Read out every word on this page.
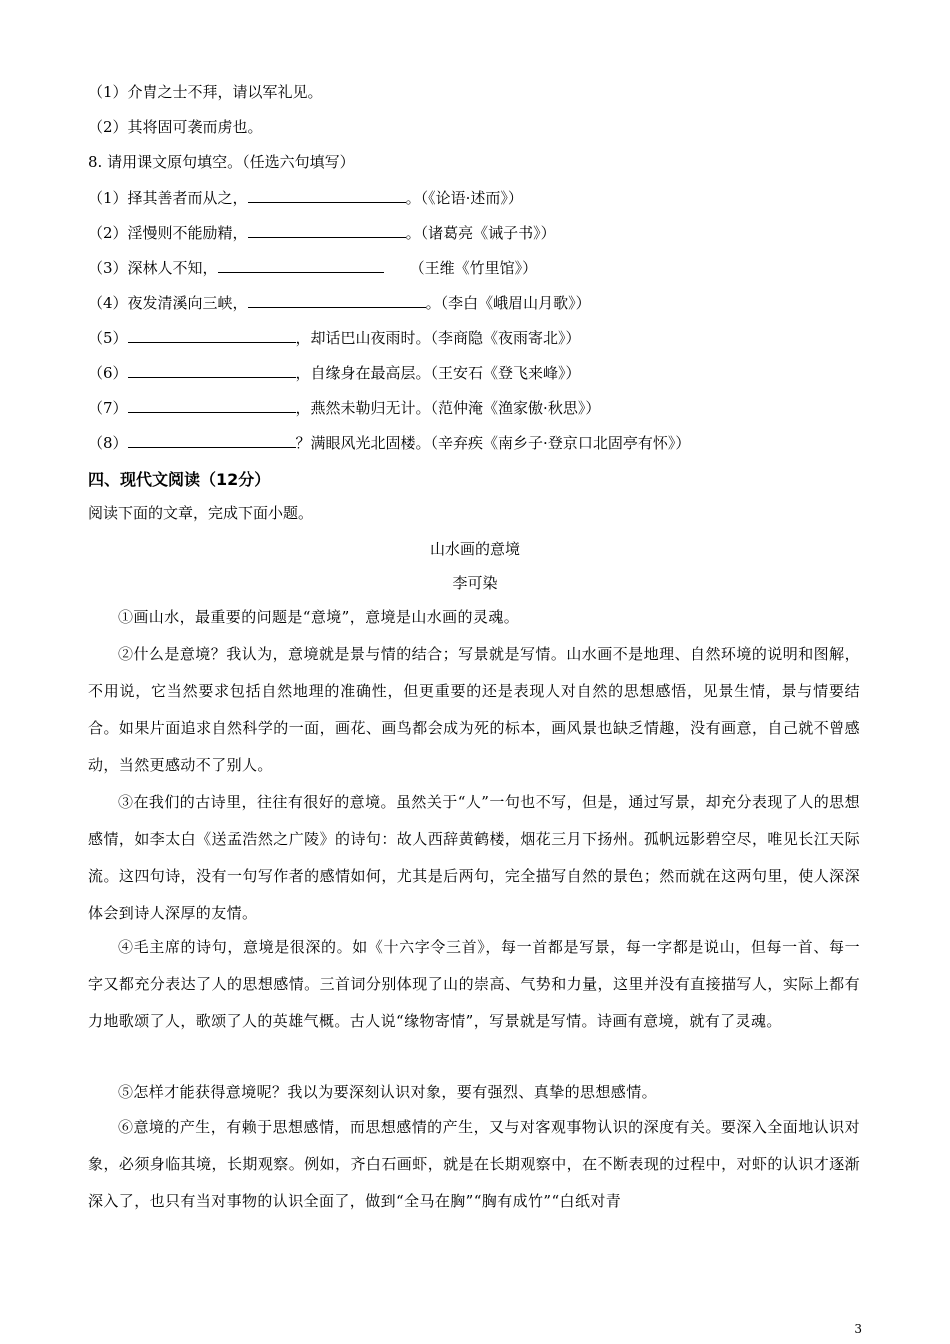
（1）介胄之士不拜，请以军礼见。
（2）其将固可袭而虏也。
8. 请用课文原句填空。（任选六句填写）
（1）择其善者而从之，	。（《论语·述而》）
（2）淫慢则不能励精，	。（诸葛亮《诫子书》）
（3）深林人不知，	（王维《竹里馆》）
（4）夜发清溪向三峡，	。（李白《峨眉山月歌》）
（5）	，却话巴山夜雨时。（李商隐《夜雨寄北》）
（6）	，自缘身在最高层。（王安石《登飞来峰》）
（7）	，燕然未勒归无计。（范仲淹《渔家傲·秋思》）
（8）	？满眼风光北固楼。（辛弃疾《南乡子·登京口北固亭有怀》）
四、现代文阅读（12分）
阅读下面的文章，完成下面小题。
山水画的意境
李可染
①画山水，最重要的问题是“意境”，意境是山水画的灵魂。
②什么是意境？我认为，意境就是景与情的结合；写景就是写情。山水画不是地理、自然环境的说明和图解，不用说，它当然要求包括自然地理的准确性，但更重要的还是表现人对自然的思想感悟，见景生情，景与情要结合。如果片面追求自然科学的一面，画花、画鸟都会成为死的标本，画风景也缺乏情趣，没有画意，自己就不曾感动，当然更感动不了别人。
③在我们的古诗里，往往有很好的意境。虽然关于“人”一句也不写，但是，通过写景，却充分表现了人的思想感情，如李太白《送孟浩然之广陵》的诗句：故人西辞黄鹤楼，烟花三月下扬州。孤帆远影碧空尽，唯见长江天际流。这四句诗，没有一句写作者的感情如何，尤其是后两句，完全描写自然的景色；然而就在这两句里，使人深深体会到诗人深厚的友情。
④毛主席的诗句，意境是很深的。如《十六字令三首》，每一首都是写景，每一字都是说山，但每一首、每一字又都充分表达了人的思想感情。三首词分别体现了山的崇高、气势和力量，这里并没有直接描写人，实际上都有力地歌颂了人，歌颂了人的英雄气概。古人说“缘物寄情”，写景就是写情。诗画有意境，就有了灵魂。
⑤怎样才能获得意境呢？我以为要深刻认识对象，要有强烈、真挚的思想感情。
⑥意境的产生，有赖于思想感情，而思想感情的产生，又与对客观事物认识的深度有关。要深入全面地认识对象，必须身临其境，长期观察。例如，齐白石画虾，就是在长期观察中，在不断表现的过程中，对虾的认识才逐渐深入了，也只有当对事物的认识全面了，做到“全马在胸”“胸有成竹”“白纸对青
3
